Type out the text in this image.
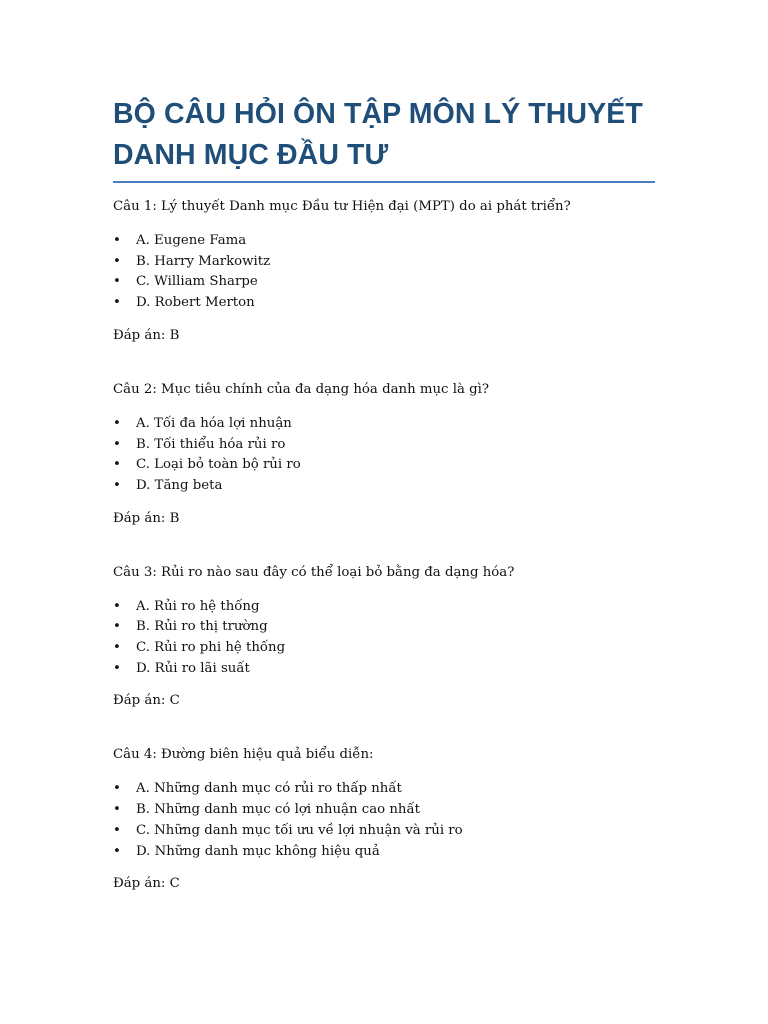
BỘ CÂU HỎI ÔN TẬP MÔN LÝ THUYẾT
DANH MỤC ĐẦU TƯ

Câu 1: Lý thuyết Danh mục Đầu tư Hiện đại (MPT) do ai phát triển?

• A. Eugene Fama
• B. Harry Markowitz
• C. William Sharpe
• D. Robert Merton

Đáp án: B

Câu 2: Mục tiêu chính của đa dạng hóa danh mục là gì?

• A. Tối đa hóa lợi nhuận
• B. Tối thiểu hóa rủi ro
• C. Loại bỏ toàn bộ rủi ro
• D. Tăng beta

Đáp án: B

Câu 3: Rủi ro nào sau đây có thể loại bỏ bằng đa dạng hóa?

• A. Rủi ro hệ thống
• B. Rủi ro thị trường
• C. Rủi ro phi hệ thống
• D. Rủi ro lãi suất

Đáp án: C

Câu 4: Đường biên hiệu quả biểu diễn:

• A. Những danh mục có rủi ro thấp nhất
• B. Những danh mục có lợi nhuận cao nhất
• C. Những danh mục tối ưu về lợi nhuận và rủi ro
• D. Những danh mục không hiệu quả

Đáp án: C
